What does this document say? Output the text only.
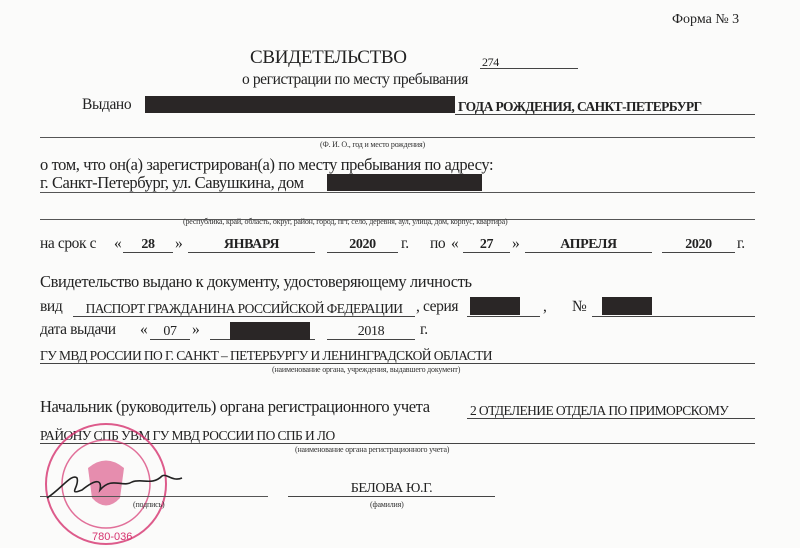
Форма № 3
СВИДЕТЕЛЬСТВО	274
о регистрации по месту пребывания
Выдано	ГОДА РОЖДЕНИЯ, САНКТ-ПЕТЕРБУРГ
(Ф. И. О., год и место рождения)
о том, что он(а) зарегистрирован(а) по месту пребывания по адресу:
г. Санкт-Петербург, ул. Савушкина, дом
(республика, край, область, округ, район, город, пгт, село, деревня, аул, улица, дом, корпус, квартира)
на срок с «	28	»	ЯНВАРЯ	2020	г. по «	27	»	АПРЕЛЯ	2020	г.
Свидетельство выдано к документу, удостоверяющему личность
вид	ПАСПОРТ ГРАЖДАНИНА РОССИЙСКОЙ ФЕДЕРАЦИИ , серия	, №
дата выдачи «	07 »	2018	г.
ГУ МВД РОССИИ ПО Г. САНКТ – ПЕТЕРБУРГУ И ЛЕНИНГРАДСКОЙ ОБЛАСТИ
(наименование органа, учреждения, выдавшего документ)
Начальник (руководитель) органа регистрационного учета	2 ОТДЕЛЕНИЕ ОТДЕЛА ПО ПРИМОРСКОМУ
РАЙОНУ СПБ УВМ ГУ МВД РОССИИ ПО СПБ И ЛО
(наименование органа регистрационного учета)
780-036
(подпись)
БЕЛОВА Ю.Г.
(фамилия)
